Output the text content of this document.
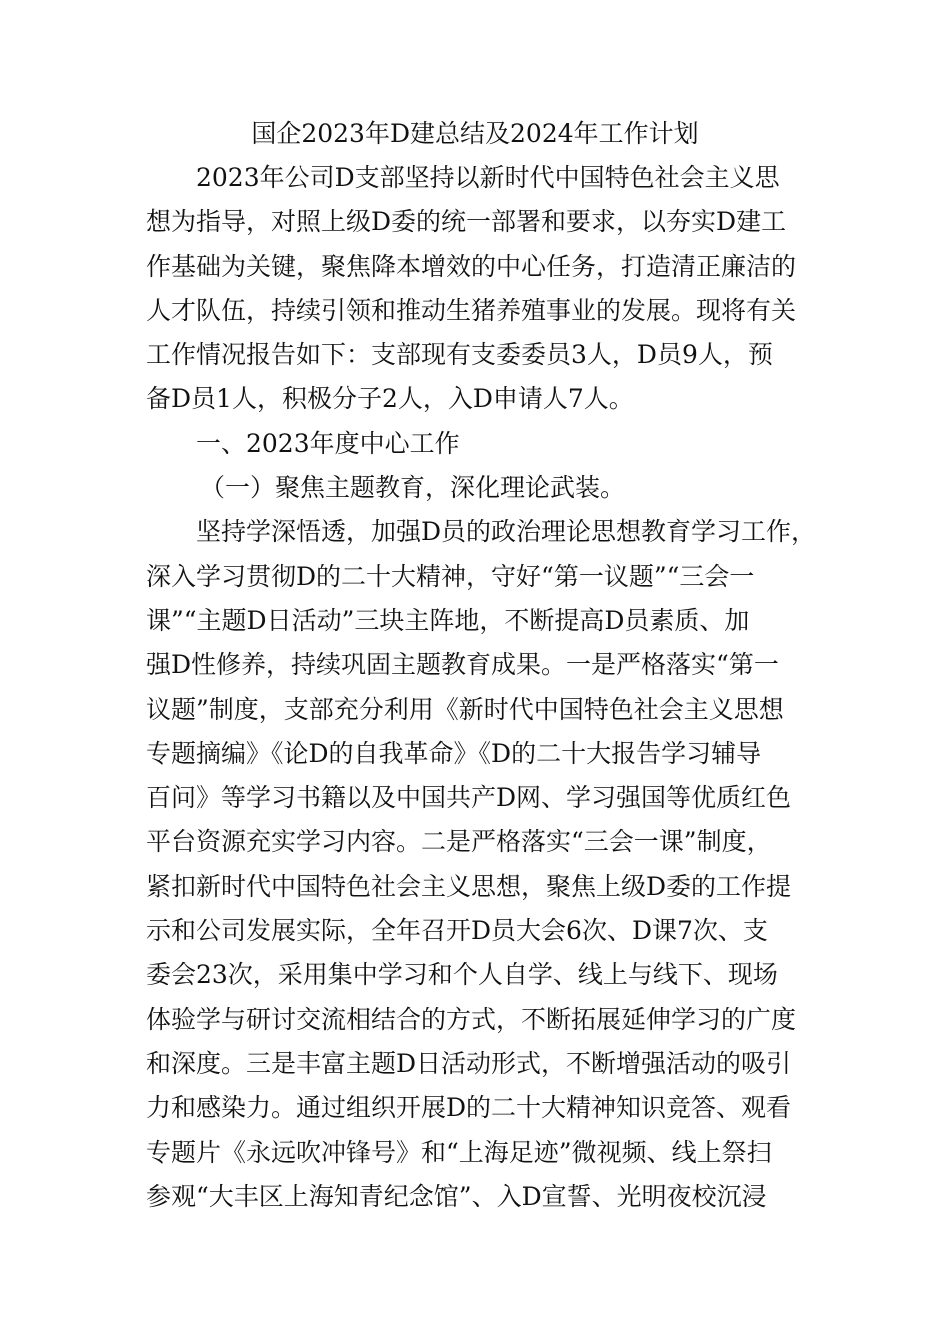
国企2023年D建总结及2024年工作计划
2023年公司D支部坚持以新时代中国特色社会主义思
想为指导，对照上级D委的统一部署和要求，以夯实D建工
作基础为关键，聚焦降本增效的中心任务，打造清正廉洁的
人才队伍，持续引领和推动生猪养殖事业的发展。现将有关
工作情况报告如下：支部现有支委委员3人，D员9人，预
备D员1人，积极分子2人，入D申请人7人。
一、2023年度中心工作
（一）聚焦主题教育，深化理论武装。
坚持学深悟透，加强D员的政治理论思想教育学习工作，
深入学习贯彻D的二十大精神，守好“第一议题”“三会一
课”“主题D日活动”三块主阵地，不断提高D员素质、加
强D性修养，持续巩固主题教育成果。一是严格落实“第一
议题”制度，支部充分利用《新时代中国特色社会主义思想
专题摘编》《论D的自我革命》《D的二十大报告学习辅导
百问》等学习书籍以及中国共产D网、学习强国等优质红色
平台资源充实学习内容。二是严格落实“三会一课”制度，
紧扣新时代中国特色社会主义思想，聚焦上级D委的工作提
示和公司发展实际，全年召开D员大会6次、D课7次、支
委会23次，采用集中学习和个人自学、线上与线下、现场
体验学与研讨交流相结合的方式，不断拓展延伸学习的广度
和深度。三是丰富主题D日活动形式，不断增强活动的吸引
力和感染力。通过组织开展D的二十大精神知识竞答、观看
专题片《永远吹冲锋号》和“上海足迹”微视频、线上祭扫
参观“大丰区上海知青纪念馆”、入D宣誓、光明夜校沉浸
